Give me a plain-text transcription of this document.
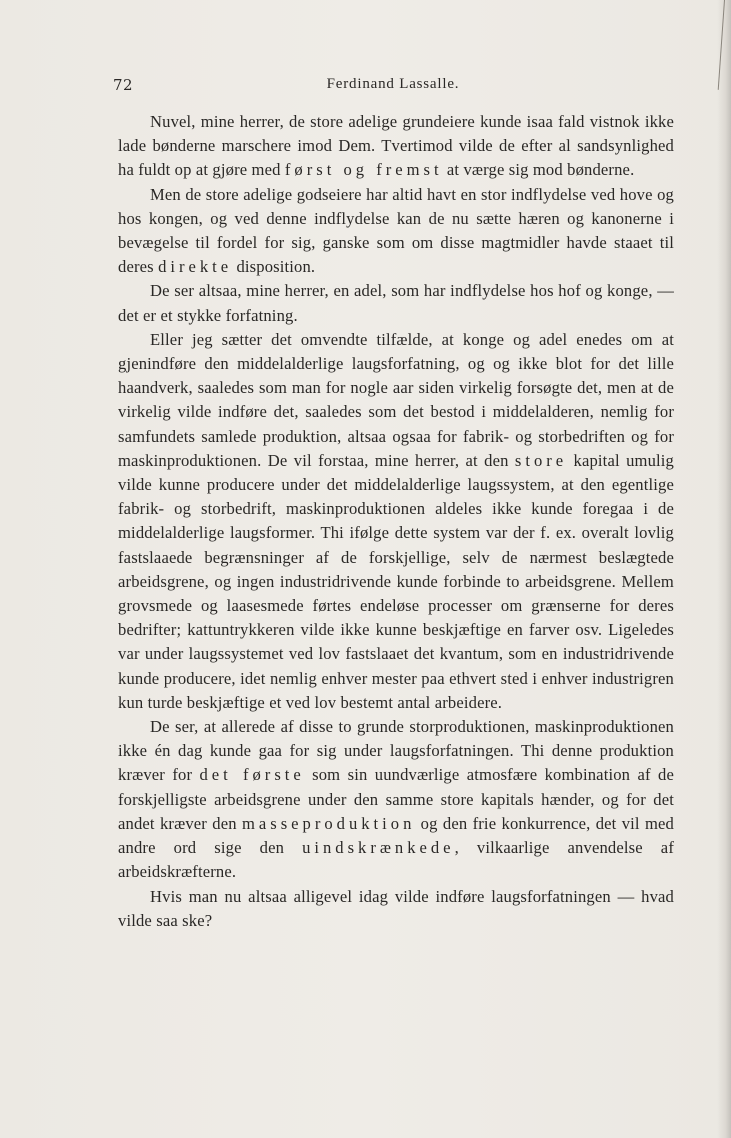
72	Ferdinand Lassalle.

Nuvel, mine herrer, de store adelige grundeiere kunde isaa fald vistnok ikke lade bønderne marschere imod Dem. Tvertimod vilde de efter al sandsynlighed ha fuldt op at gjøre med først og fremst at værge sig mod bønderne.

Men de store adelige godseiere har altid havt en stor indflydelse ved hove og hos kongen, og ved denne indflydelse kan de nu sætte hæren og kanonerne i bevægelse til fordel for sig, ganske som om disse magtmidler havde staaet til deres direkte disposition.

De ser altsaa, mine herrer, en adel, som har indflydelse hos hof og konge, — det er et stykke forfatning.

Eller jeg sætter det omvendte tilfælde, at konge og adel enedes om at gjenindføre den middelalderlige laugsforfatning, og og ikke blot for det lille haandverk, saaledes som man for nogle aar siden virkelig forsøgte det, men at de virkelig vilde indføre det, saaledes som det bestod i middelalderen, nemlig for samfundets samlede produktion, altsaa ogsaa for fabrik- og storbedriften og for maskinproduktionen. De vil forstaa, mine herrer, at den store kapital umulig vilde kunne producere under det middelalderlige laugssystem, at den egentlige fabrik- og storbedrift, maskinproduktionen aldeles ikke kunde foregaa i de middelalderlige laugsformer. Thi ifølge dette system var der f. ex. overalt lovlig fastslaaede begrænsninger af de forskjellige, selv de nærmest beslægtede arbeidsgrene, og ingen industridrivende kunde forbinde to arbeidsgrene. Mellem grovsmede og laasesmede førtes endeløse processer om grænserne for deres bedrifter; kattuntrykkeren vilde ikke kunne beskjæftige en farver osv. Ligeledes var under laugssystemet ved lov fastslaaet det kvantum, som en industridrivende kunde producere, idet nemlig enhver mester paa ethvert sted i enhver industrigren kun turde beskjæftige et ved lov bestemt antal arbeidere.

De ser, at allerede af disse to grunde storproduktionen, maskinproduktionen ikke én dag kunde gaa for sig under laugsforfatningen. Thi denne produktion kræver for det første som sin uundværlige atmosfære kombination af de forskjelligste arbeidsgrene under den samme store kapitals hænder, og for det andet kræver den masseproduktion og den frie konkurrence, det vil med andre ord sige den uindskrænkede, vilkaarlige anvendelse af arbeidskræfterne.

Hvis man nu altsaa alligevel idag vilde indføre laugsforfatningen — hvad vilde saa ske?
